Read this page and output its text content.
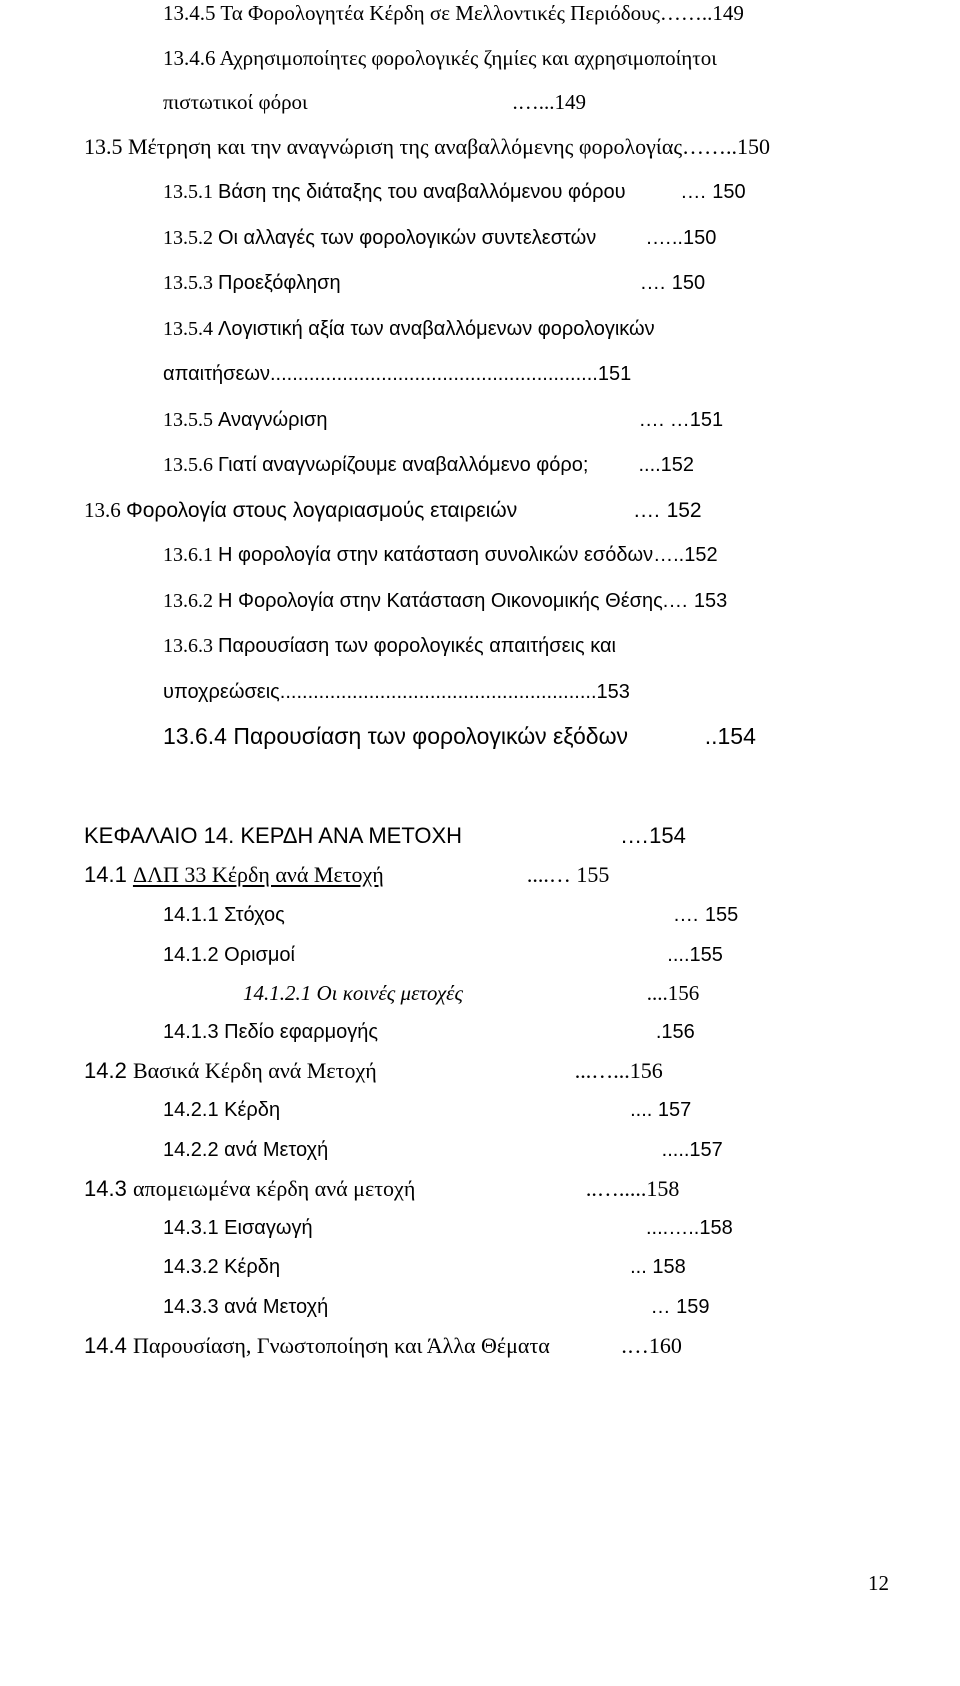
13.4.5 Τα Φορολογητέα Κέρδη σε Μελλοντικές Περιόδους……..149
13.4.6 Αχρησιμοποίητες φορολογικές ζημίες και αχρησιμοποίητοι
πιστωτικοί φόροι                                       .…...149
13.5 Μέτρηση και την αναγνώριση της αναβαλλόμενης φορολογίας……..150
13.5.1 Βάση της διάταξης του αναβαλλόμενου φόρου          .… 150
13.5.2 Οι αλλαγές των φορολογικών συντελεστών         .…..150
13.5.3 Προεξόφληση                                                      .… 150
13.5.4 Λογιστική αξία των αναβαλλόμενων φορολογικών
απαιτήσεων...........................................................151
13.5.5 Αναγνώριση                                                        …. …151
13.5.6 Γιατί αναγνωρίζουμε αναβαλλόμενο φόρο;         ....152
13.6 Φορολογία στους λογαριασμούς εταιρειών                    .… 152
13.6.1 Η φορολογία στην κατάσταση συνολικών εσόδων…..152
13.6.2 Η Φορολογία στην Κατάσταση Οικονομικής Θέσης.… 153
13.6.3 Παρουσίαση των φορολογικές απαιτήσεις και
υποχρεώσεις.........................................................153
13.6.4 Παρουσίαση των φορολογικών εξόδων            ..154
ΚΕΦΑΛΑΙΟ 14. ΚΕΡΔΗ ΑΝΑ ΜΕΤΟΧΗ                          .…154
14.1 ΔΛΠ 33 Κέρδη ανά Μετοχή                          ....… 155
14.1.1 Στόχος                                                                      .… 155
14.1.2 Ορισμοί                                                                   ....155
14.1.2.1 Οι κοινές μετοχές                                   ....156
14.1.3 Πεδίο εφαρμογής                                                  .156
14.2 Βασικά Κέρδη ανά Μετοχή                                    ...…...156
14.2.1 Κέρδη                                                               .... 157
14.2.2 ανά Μετοχή                                                            .....157
14.3 απομειωμένα κέρδη ανά μετοχή                               ..….....158
14.3.1 Εισαγωγή                                                            ....…..158
14.3.2 Κέρδη                                                               ... 158
14.3.3 ανά Μετοχή                                                          … 159
14.4 Παρουσίαση, Γνωστοποίηση και Άλλα Θέματα             .…160
12
